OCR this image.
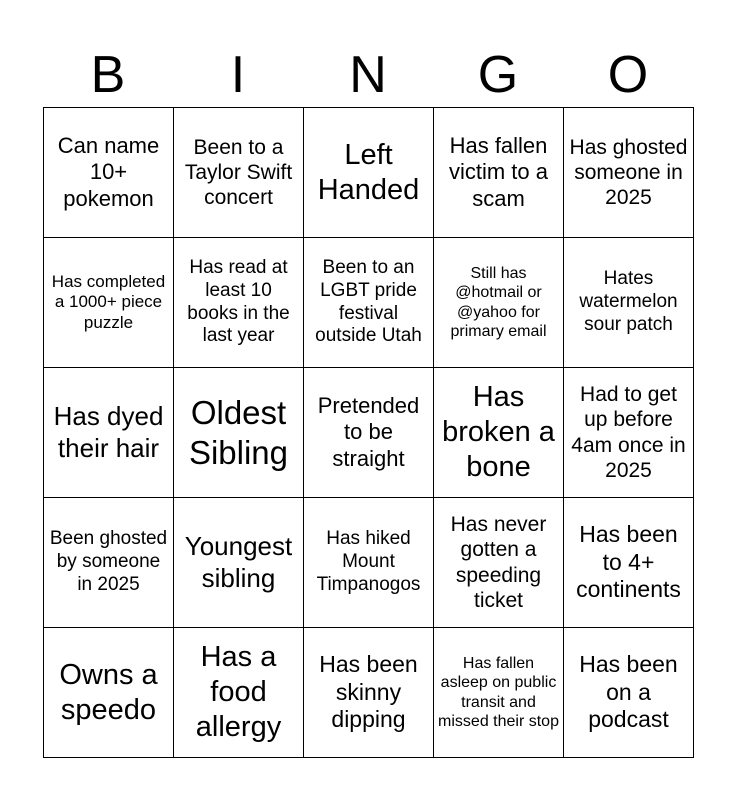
B	I	N	G	O
Can name 10+ pokemon	Been to a Taylor Swift concert	Left Handed	Has fallen victim to a scam	Has ghosted someone in 2025
Has completed a 1000+ piece puzzle	Has read at least 10 books in the last year	Been to an LGBT pride festival outside Utah	Still has @hotmail or @yahoo for primary email	Hates watermelon sour patch
Has dyed their hair	Oldest Sibling	Pretended to be straight	Has broken a bone	Had to get up before 4am once in 2025
Been ghosted by someone in 2025	Youngest sibling	Has hiked Mount Timpanogos	Has never gotten a speeding ticket	Has been to 4+ continents
Owns a speedo	Has a food allergy	Has been skinny dipping	Has fallen asleep on public transit and missed their stop	Has been on a podcast
